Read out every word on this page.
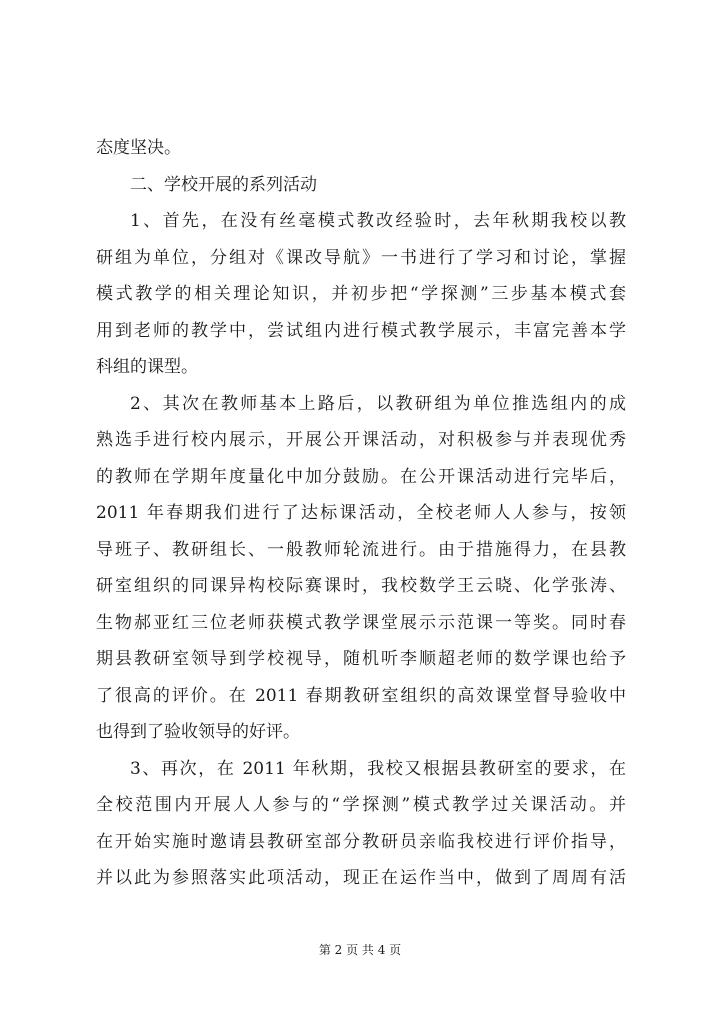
态度坚决。
二、学校开展的系列活动
1、首先，在没有丝毫模式教改经验时，去年秋期我校以教
研组为单位，分组对《课改导航》一书进行了学习和讨论，掌握
模式教学的相关理论知识，并初步把“学探测”三步基本模式套
用到老师的教学中，尝试组内进行模式教学展示，丰富完善本学
科组的课型。
2、其次在教师基本上路后，以教研组为单位推选组内的成
熟选手进行校内展示，开展公开课活动，对积极参与并表现优秀
的教师在学期年度量化中加分鼓励。在公开课活动进行完毕后，
2011 年春期我们进行了达标课活动，全校老师人人参与，按领
导班子、教研组长、一般教师轮流进行。由于措施得力，在县教
研室组织的同课异构校际赛课时，我校数学王云晓、化学张涛、
生物郝亚红三位老师获模式教学课堂展示示范课一等奖。同时春
期县教研室领导到学校视导，随机听李顺超老师的数学课也给予
了很高的评价。在 2011 春期教研室组织的高效课堂督导验收中
也得到了验收领导的好评。
3、再次，在 2011 年秋期，我校又根据县教研室的要求，在
全校范围内开展人人参与的“学探测”模式教学过关课活动。并
在开始实施时邀请县教研室部分教研员亲临我校进行评价指导，
并以此为参照落实此项活动，现正在运作当中，做到了周周有活
第 2 页 共 4 页
